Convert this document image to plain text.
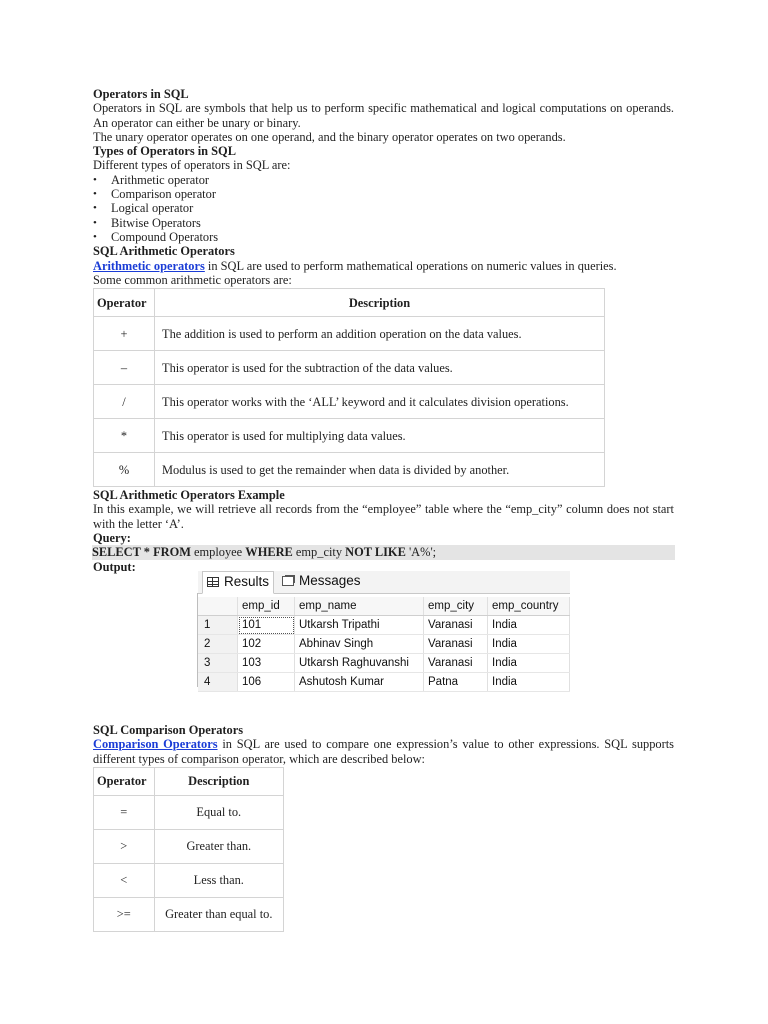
Operators in SQL

Operators in SQL are symbols that help us to perform specific mathematical and logical computations on operands. An operator can either be unary or binary.

The unary operator operates on one operand, and the binary operator operates on two operands.

Types of Operators in SQL

Different types of operators in SQL are:

• Arithmetic operator
• Comparison operator
• Logical operator
• Bitwise Operators
• Compound Operators

SQL Arithmetic Operators

Arithmetic operators in SQL are used to perform mathematical operations on numeric values in queries.

Some common arithmetic operators are:

Operator	Description
+	The addition is used to perform an addition operation on the data values.
–	This operator is used for the subtraction of the data values.
/	This operator works with the ‘ALL’ keyword and it calculates division operations.
*	This operator is used for multiplying data values.
%	Modulus is used to get the remainder when data is divided by another.

SQL Arithmetic Operators Example

In this example, we will retrieve all records from the “employee” table where the “emp_city” column does not start with the letter ‘A’.

Query:

SELECT * FROM employee WHERE emp_city NOT LIKE 'A%';

Output:

Results	Messages
	emp_id	emp_name	emp_city	emp_country
1	101	Utkarsh Tripathi	Varanasi	India
2	102	Abhinav Singh	Varanasi	India
3	103	Utkarsh Raghuvanshi	Varanasi	India
4	106	Ashutosh Kumar	Patna	India

SQL Comparison Operators

Comparison Operators in SQL are used to compare one expression’s value to other expressions. SQL supports different types of comparison operator, which are described below:

Operator	Description
=	Equal to.
>	Greater than.
<	Less than.
>=	Greater than equal to.
